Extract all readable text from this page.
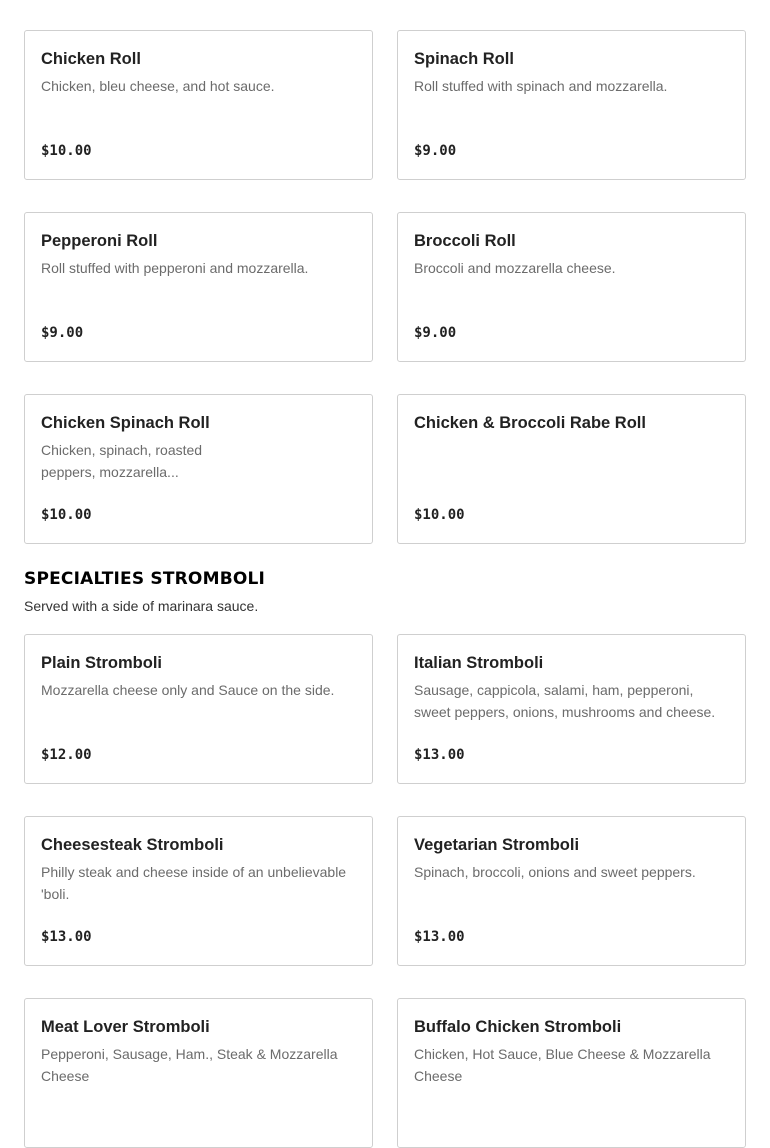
Chicken Roll
Chicken, bleu cheese, and hot sauce.
$10.00
Spinach Roll
Roll stuffed with spinach and mozzarella.
$9.00
Pepperoni Roll
Roll stuffed with pepperoni and mozzarella.
$9.00
Broccoli Roll
Broccoli and mozzarella cheese.
$9.00
Chicken Spinach Roll
Chicken, spinach, roasted peppers, mozzarella...
$10.00
Chicken & Broccoli Rabe Roll
$10.00
SPECIALTIES STROMBOLI
Served with a side of marinara sauce.
Plain Stromboli
Mozzarella cheese only and Sauce on the side.
$12.00
Italian Stromboli
Sausage, cappicola, salami, ham, pepperoni, sweet peppers, onions, mushrooms and cheese.
$13.00
Cheesesteak Stromboli
Philly steak and cheese inside of an unbelievable 'boli.
$13.00
Vegetarian Stromboli
Spinach, broccoli, onions and sweet peppers.
$13.00
Meat Lover Stromboli
Pepperoni, Sausage, Ham., Steak & Mozzarella Cheese
Buffalo Chicken Stromboli
Chicken, Hot Sauce, Blue Cheese & Mozzarella Cheese
